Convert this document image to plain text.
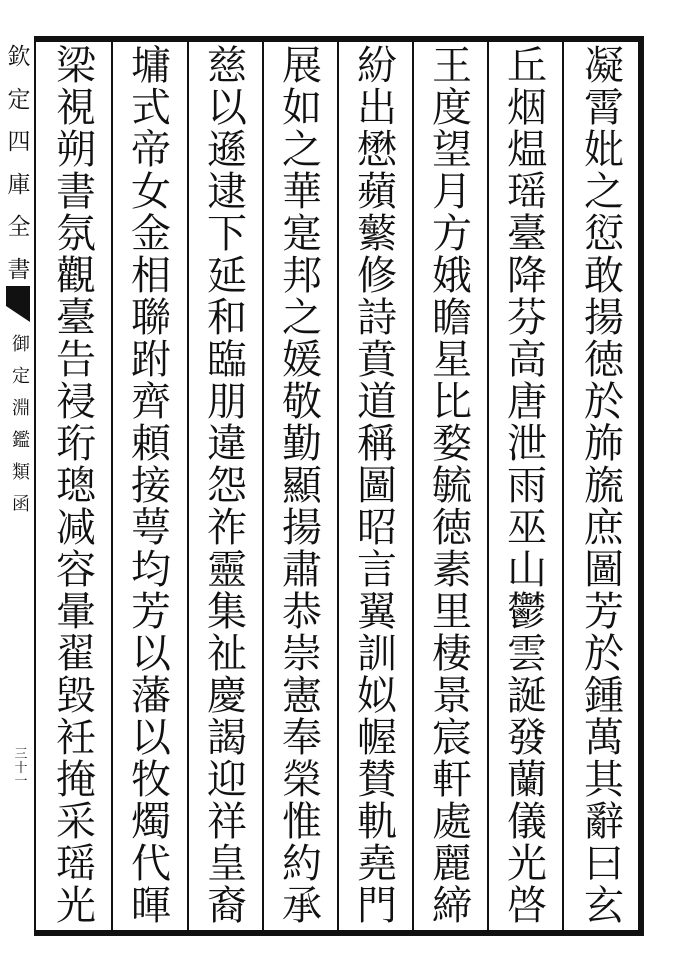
欽
定
四
庫
全
書
御
定
淵
鑑
類
函
三
十
一
凝
霄
妣
之
愆
敢
揚
徳
於
斾
旒
庶
圖
芳
於
鍾
萬
其
辭
曰
玄
丘
烟
煴
瑶
臺
降
芬
高
唐
泄
雨
巫
山
鬱
雲
誕
發
蘭
儀
光
啓
王
度
望
月
方
娥
瞻
星
比
婺
毓
徳
素
里
棲
景
宸
軒
處
麗
締
紛
出
懋
蘋
蘩
修
詩
賁
道
稱
圖
昭
言
翼
訓
姒
幄
賛
軌
堯
門
展
如
之
華
寔
邦
之
媛
敬
勤
顯
揚
肅
恭
崇
憲
奉
榮
惟
約
承
慈
以
遜
逮
下
延
和
臨
朋
違
怨
祚
靈
集
祉
慶
謁
迎
祥
皇
裔
墉
式
帝
女
金
相
聯
跗
齊
頼
接
萼
均
芳
以
藩
以
牧
燭
代
暉
梁
視
朔
書
氛
觀
臺
告
祲
珩
璁
减
容
暈
翟
毀
衽
掩
采
瑶
光
